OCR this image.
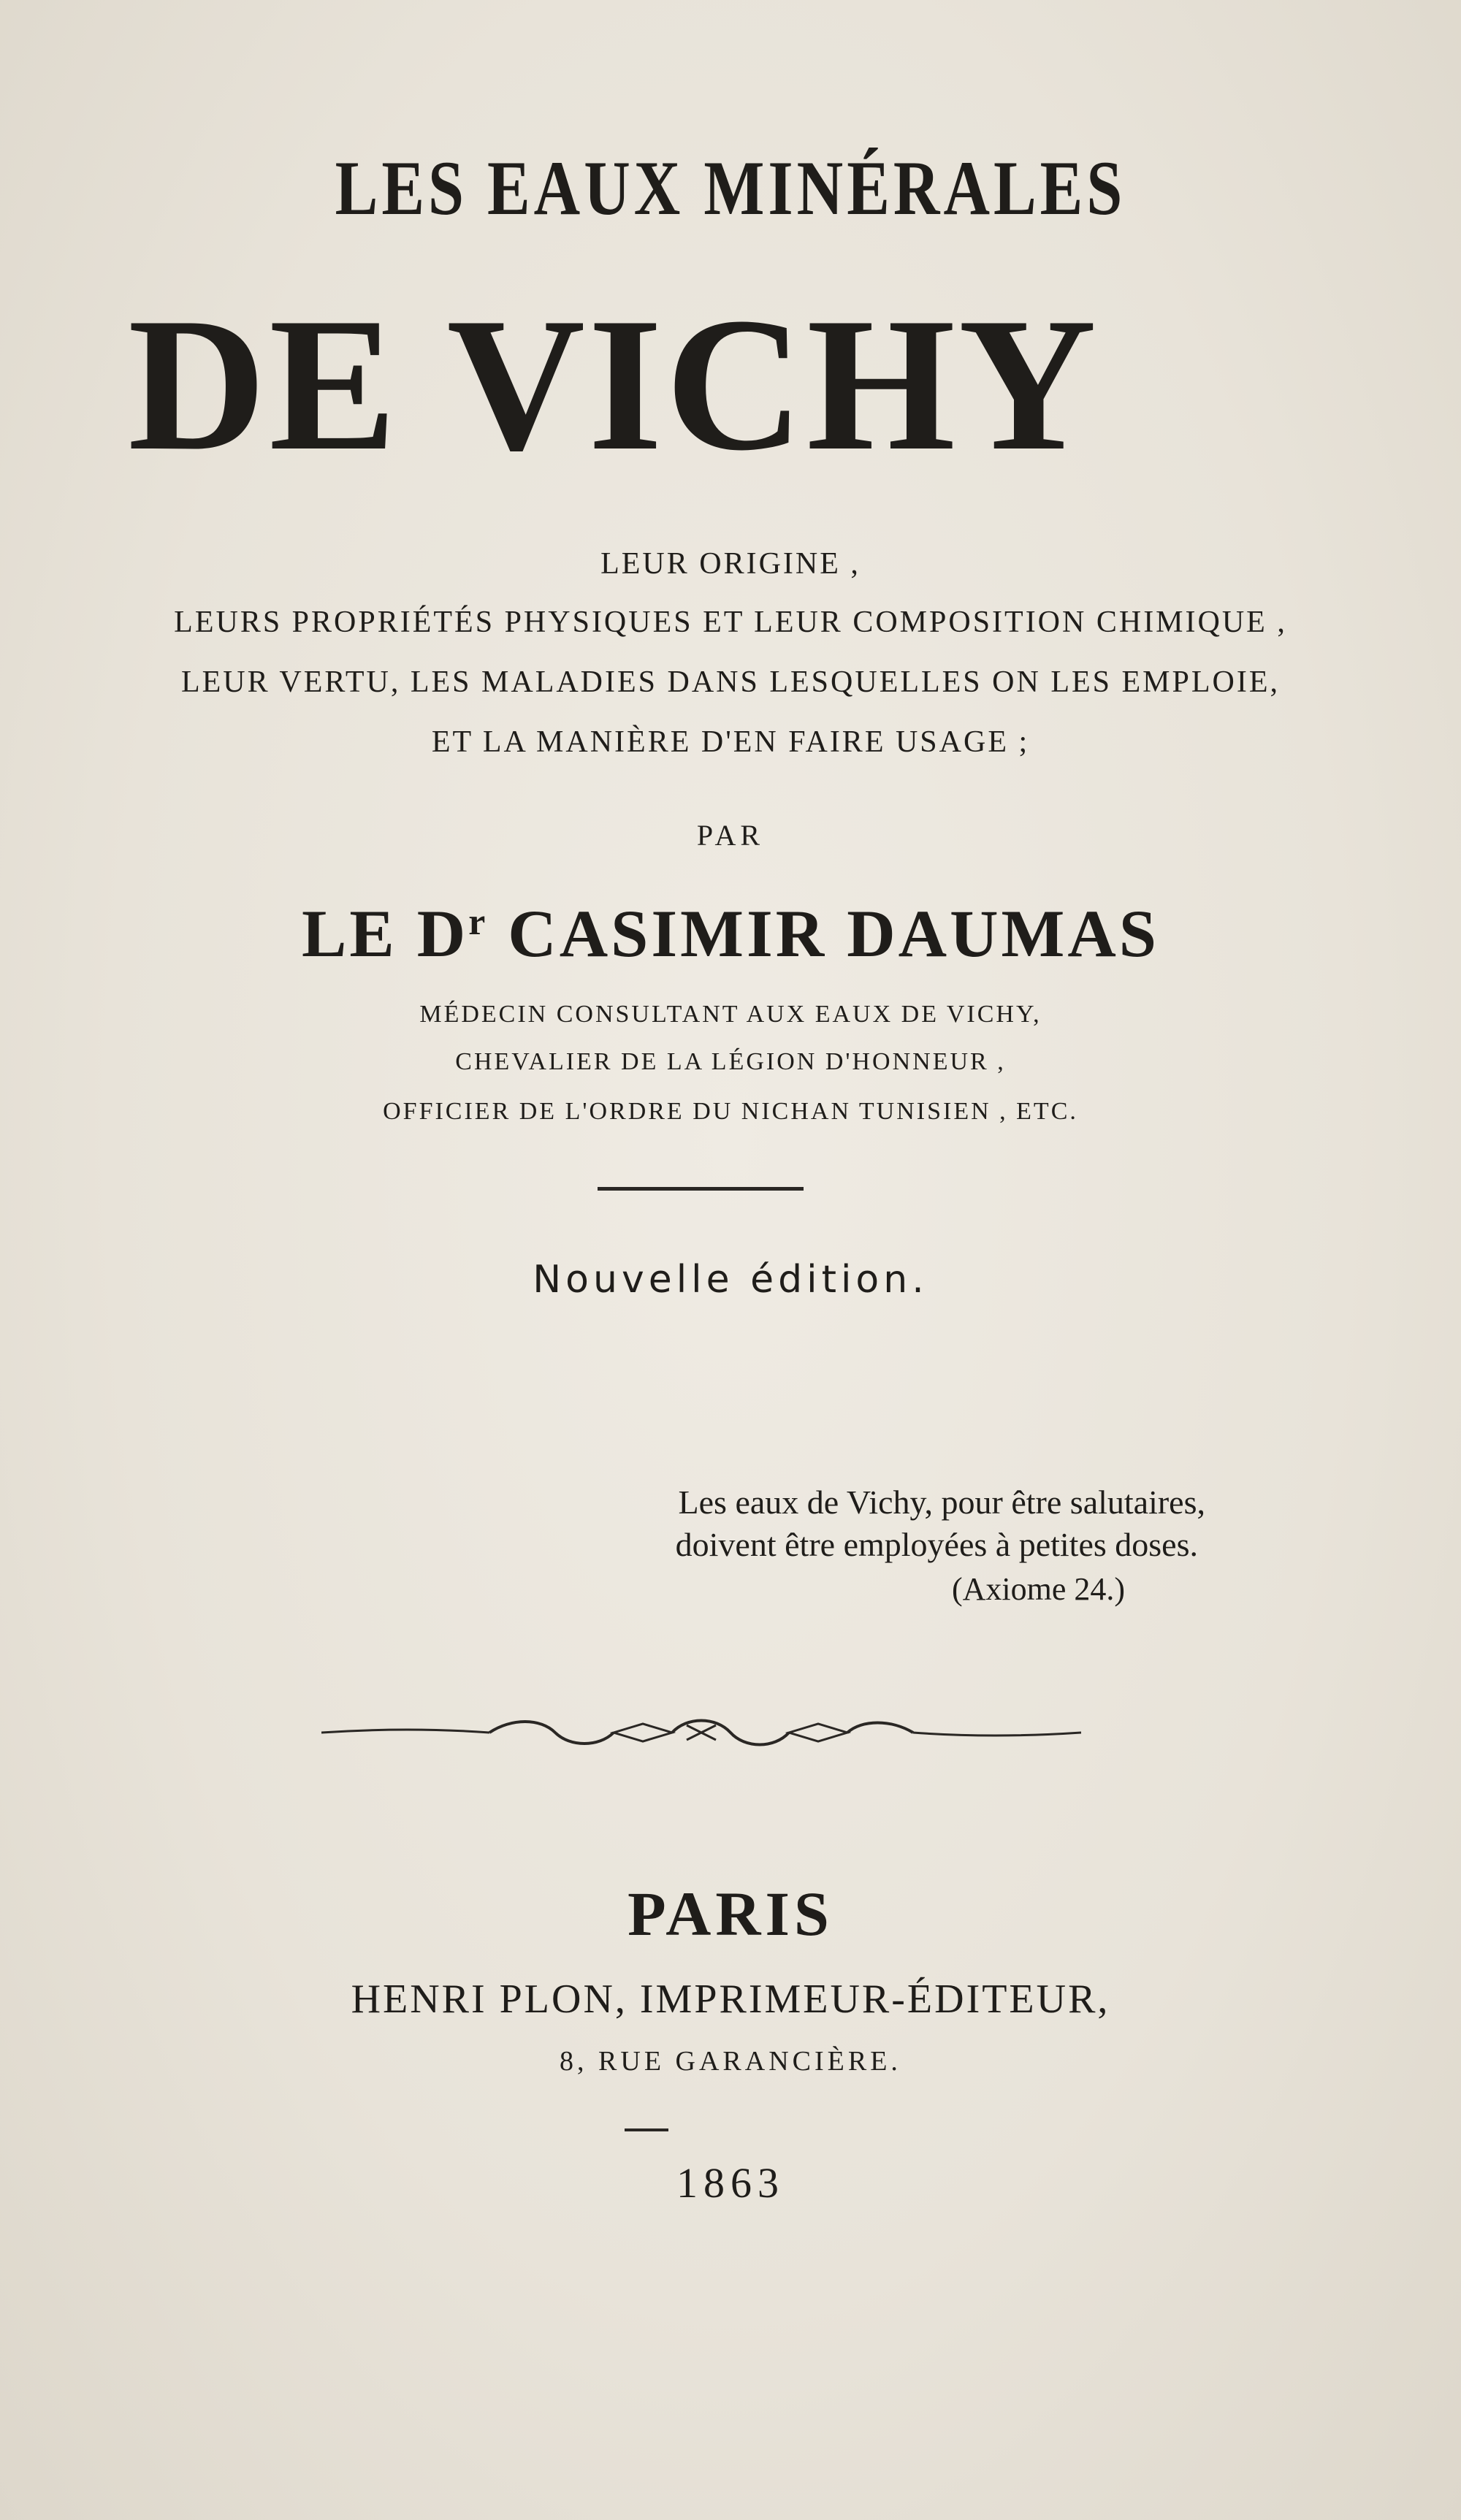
LES EAUX MINÉRALES
DE VICHY
LEUR ORIGINE ,
LEURS PROPRIÉTÉS PHYSIQUES ET LEUR COMPOSITION CHIMIQUE ,
LEUR VERTU, LES MALADIES DANS LESQUELLES ON LES EMPLOIE,
ET LA MANIÈRE D'EN FAIRE USAGE ;
PAR
LE $D^r$ CASIMIR DAUMAS
MÉDECIN CONSULTANT AUX EAUX DE VICHY,
CHEVALIER DE LA LÉGION D'HONNEUR ,
OFFICIER DE L'ORDRE DU NICHAN TUNISIEN , ETC.
Nouvelle édition.
Les eaux de Vichy, pour être salutaires,
doivent être employées à petites doses.
(Axiome 24.)
PARIS
HENRI PLON, IMPRIMEUR-ÉDITEUR,
8, RUE GARANCIÈRE.
1863
